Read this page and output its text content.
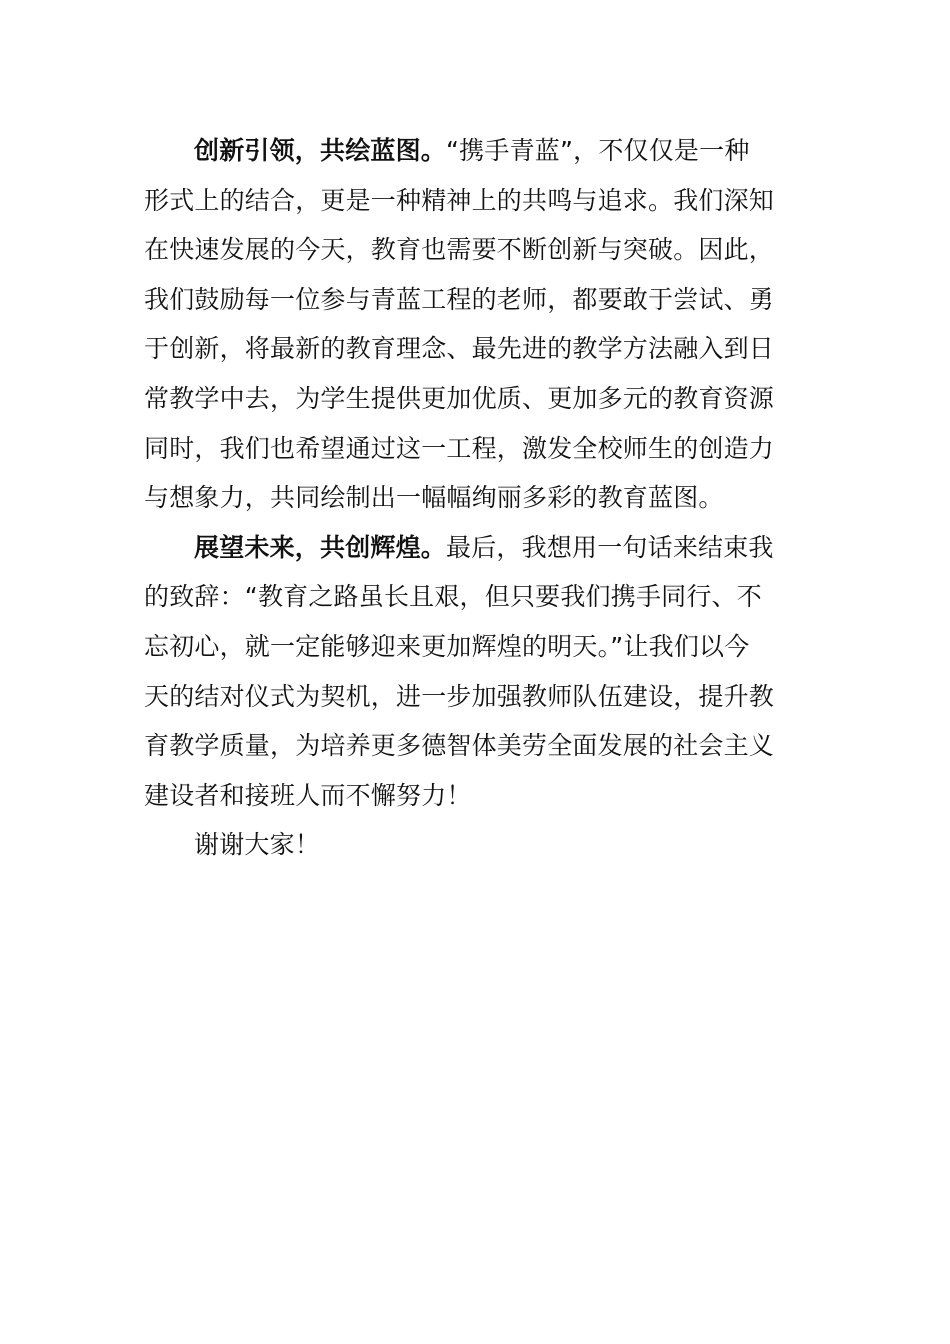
创新引领，共绘蓝图。“携手青蓝”，不仅仅是一种
形式上的结合，更是一种精神上的共鸣与追求。我们深知
在快速发展的今天，教育也需要不断创新与突破。因此，
我们鼓励每一位参与青蓝工程的老师，都要敢于尝试、勇
于创新，将最新的教育理念、最先进的教学方法融入到日
常教学中去，为学生提供更加优质、更加多元的教育资源
同时，我们也希望通过这一工程，激发全校师生的创造力
与想象力，共同绘制出一幅幅绚丽多彩的教育蓝图。
展望未来，共创辉煌。最后，我想用一句话来结束我
的致辞：“教育之路虽长且艰，但只要我们携手同行、不
忘初心，就一定能够迎来更加辉煌的明天。”让我们以今
天的结对仪式为契机，进一步加强教师队伍建设，提升教
育教学质量，为培养更多德智体美劳全面发展的社会主义
建设者和接班人而不懈努力！
谢谢大家！
